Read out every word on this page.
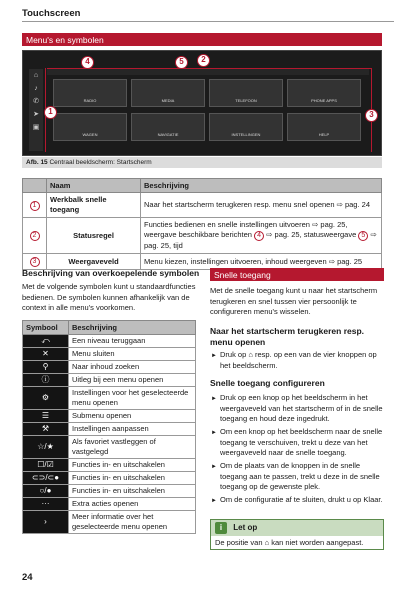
Touchscreen
Menu's en symbolen
⌂
♪
✆
➤
▣
RADIO	MEDIA	TELEFOON	PHONE APPS
WAGEN	NAVIGATIE	INSTELLINGEN	HELP
1
2
3
4	5
Afb. 15 Centraal beeldscherm: Startscherm
	Naam	Beschrijving
1	Werkbalk snelle toegang	Naar het startscherm terugkeren resp. menu snel openen ⇨ pag. 24
2	Statusregel	Functies bedienen en snelle instellingen uitvoeren ⇨ pag. 25, weergave beschikbare berichten 4 ⇨ pag. 25, statusweergave 5 ⇨ pag. 25, tijd
3	Weergaveveld	Menu kiezen, instellingen uitvoeren, inhoud weergeven ⇨ pag. 25
Beschrijving van overkoepelende symbolen
Met de volgende symbolen kunt u standaardfuncties bedienen. De symbolen kunnen afhankelijk van de context in alle menu's voorkomen.
Symbool	Beschrijving
⤺	Een niveau teruggaan
✕	Menu sluiten
⚲	Naar inhoud zoeken
ⓘ	Uitleg bij een menu openen
⚙	Instellingen voor het geselecteerde menu openen
☰	Submenu openen
⚒	Instellingen aanpassen
☆/★	Als favoriet vastleggen of vastgelegd
☐/☑	Functies in- en uitschakelen
⊂⊃/⊂●	Functies in- en uitschakelen
○/●	Functies in- en uitschakelen
···	Extra acties openen
›	Meer informatie over het geselecteerde menu openen
Snelle toegang
Met de snelle toegang kunt u naar het startscherm terugkeren en snel tussen vier persoonlijk te configureren menu's wisselen.
Naar het startscherm terugkeren resp. menu openen
► Druk op ⌂ resp. op een van de vier knoppen op het beeldscherm.
Snelle toegang configureren
► Druk op een knop op het beeldscherm in het weergaveveld van het startscherm of in de snelle toegang en houd deze ingedrukt.
► Om een knop op het beeldscherm naar de snelle toegang te verschuiven, trekt u deze van het weergaveveld naar de snelle toegang.
► Om de plaats van de knoppen in de snelle toegang aan te passen, trekt u deze in de snelle toegang op de gewenste plek.
► Om de configuratie af te sluiten, drukt u op Klaar.
i Let op
De positie van ⌂ kan niet worden aangepast.
24
